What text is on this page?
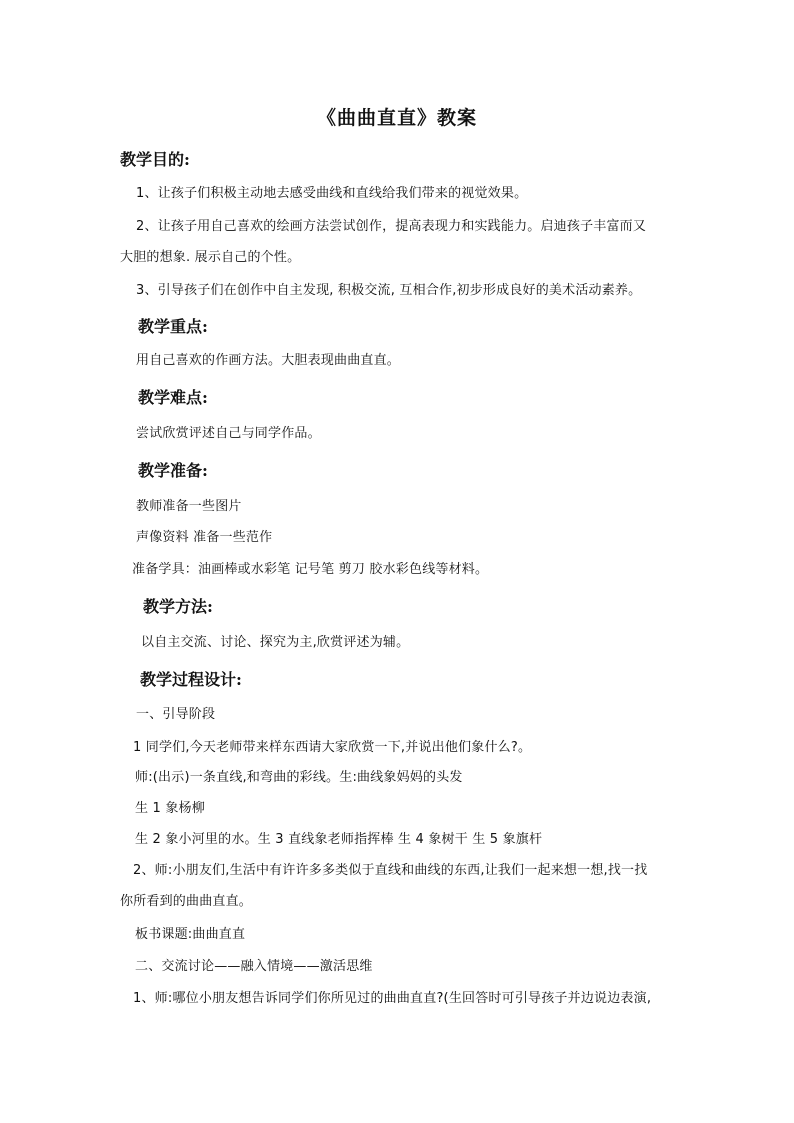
《曲曲直直》教案
教学目的:
1、让孩子们积极主动地去感受曲线和直线给我们带来的视觉效果。
2、让孩子用自己喜欢的绘画方法尝试创作，提高表现力和实践能力。启迪孩子丰富而又
大胆的想象. 展示自己的个性。
3、引导孩子们在创作中自主发现, 积极交流, 互相合作,初步形成良好的美术活动素养。
教学重点:
用自己喜欢的作画方法。大胆表现曲曲直直。
教学难点:
尝试欣赏评述自己与同学作品。
教学准备:
教师准备一些图片
声像资料 准备一些范作
准备学具：油画棒或水彩笔 记号笔 剪刀 胶水彩色线等材料。
教学方法:
以自主交流、讨论、探究为主,欣赏评述为辅。
教学过程设计:
一、引导阶段
1 同学们,今天老师带来样东西请大家欣赏一下,并说出他们象什么?。
师:(出示)一条直线,和弯曲的彩线。生:曲线象妈妈的头发
生 1 象杨柳
生 2 象小河里的水。生 3 直线象老师指挥棒 生 4 象树干 生 5 象旗杆
2、师:小朋友们,生活中有许许多多类似于直线和曲线的东西,让我们一起来想一想,找一找
你所看到的曲曲直直。
板书课题:曲曲直直
二、交流讨论——融入情境——激活思维
1、师:哪位小朋友想告诉同学们你所见过的曲曲直直?(生回答时可引导孩子并边说边表演,
